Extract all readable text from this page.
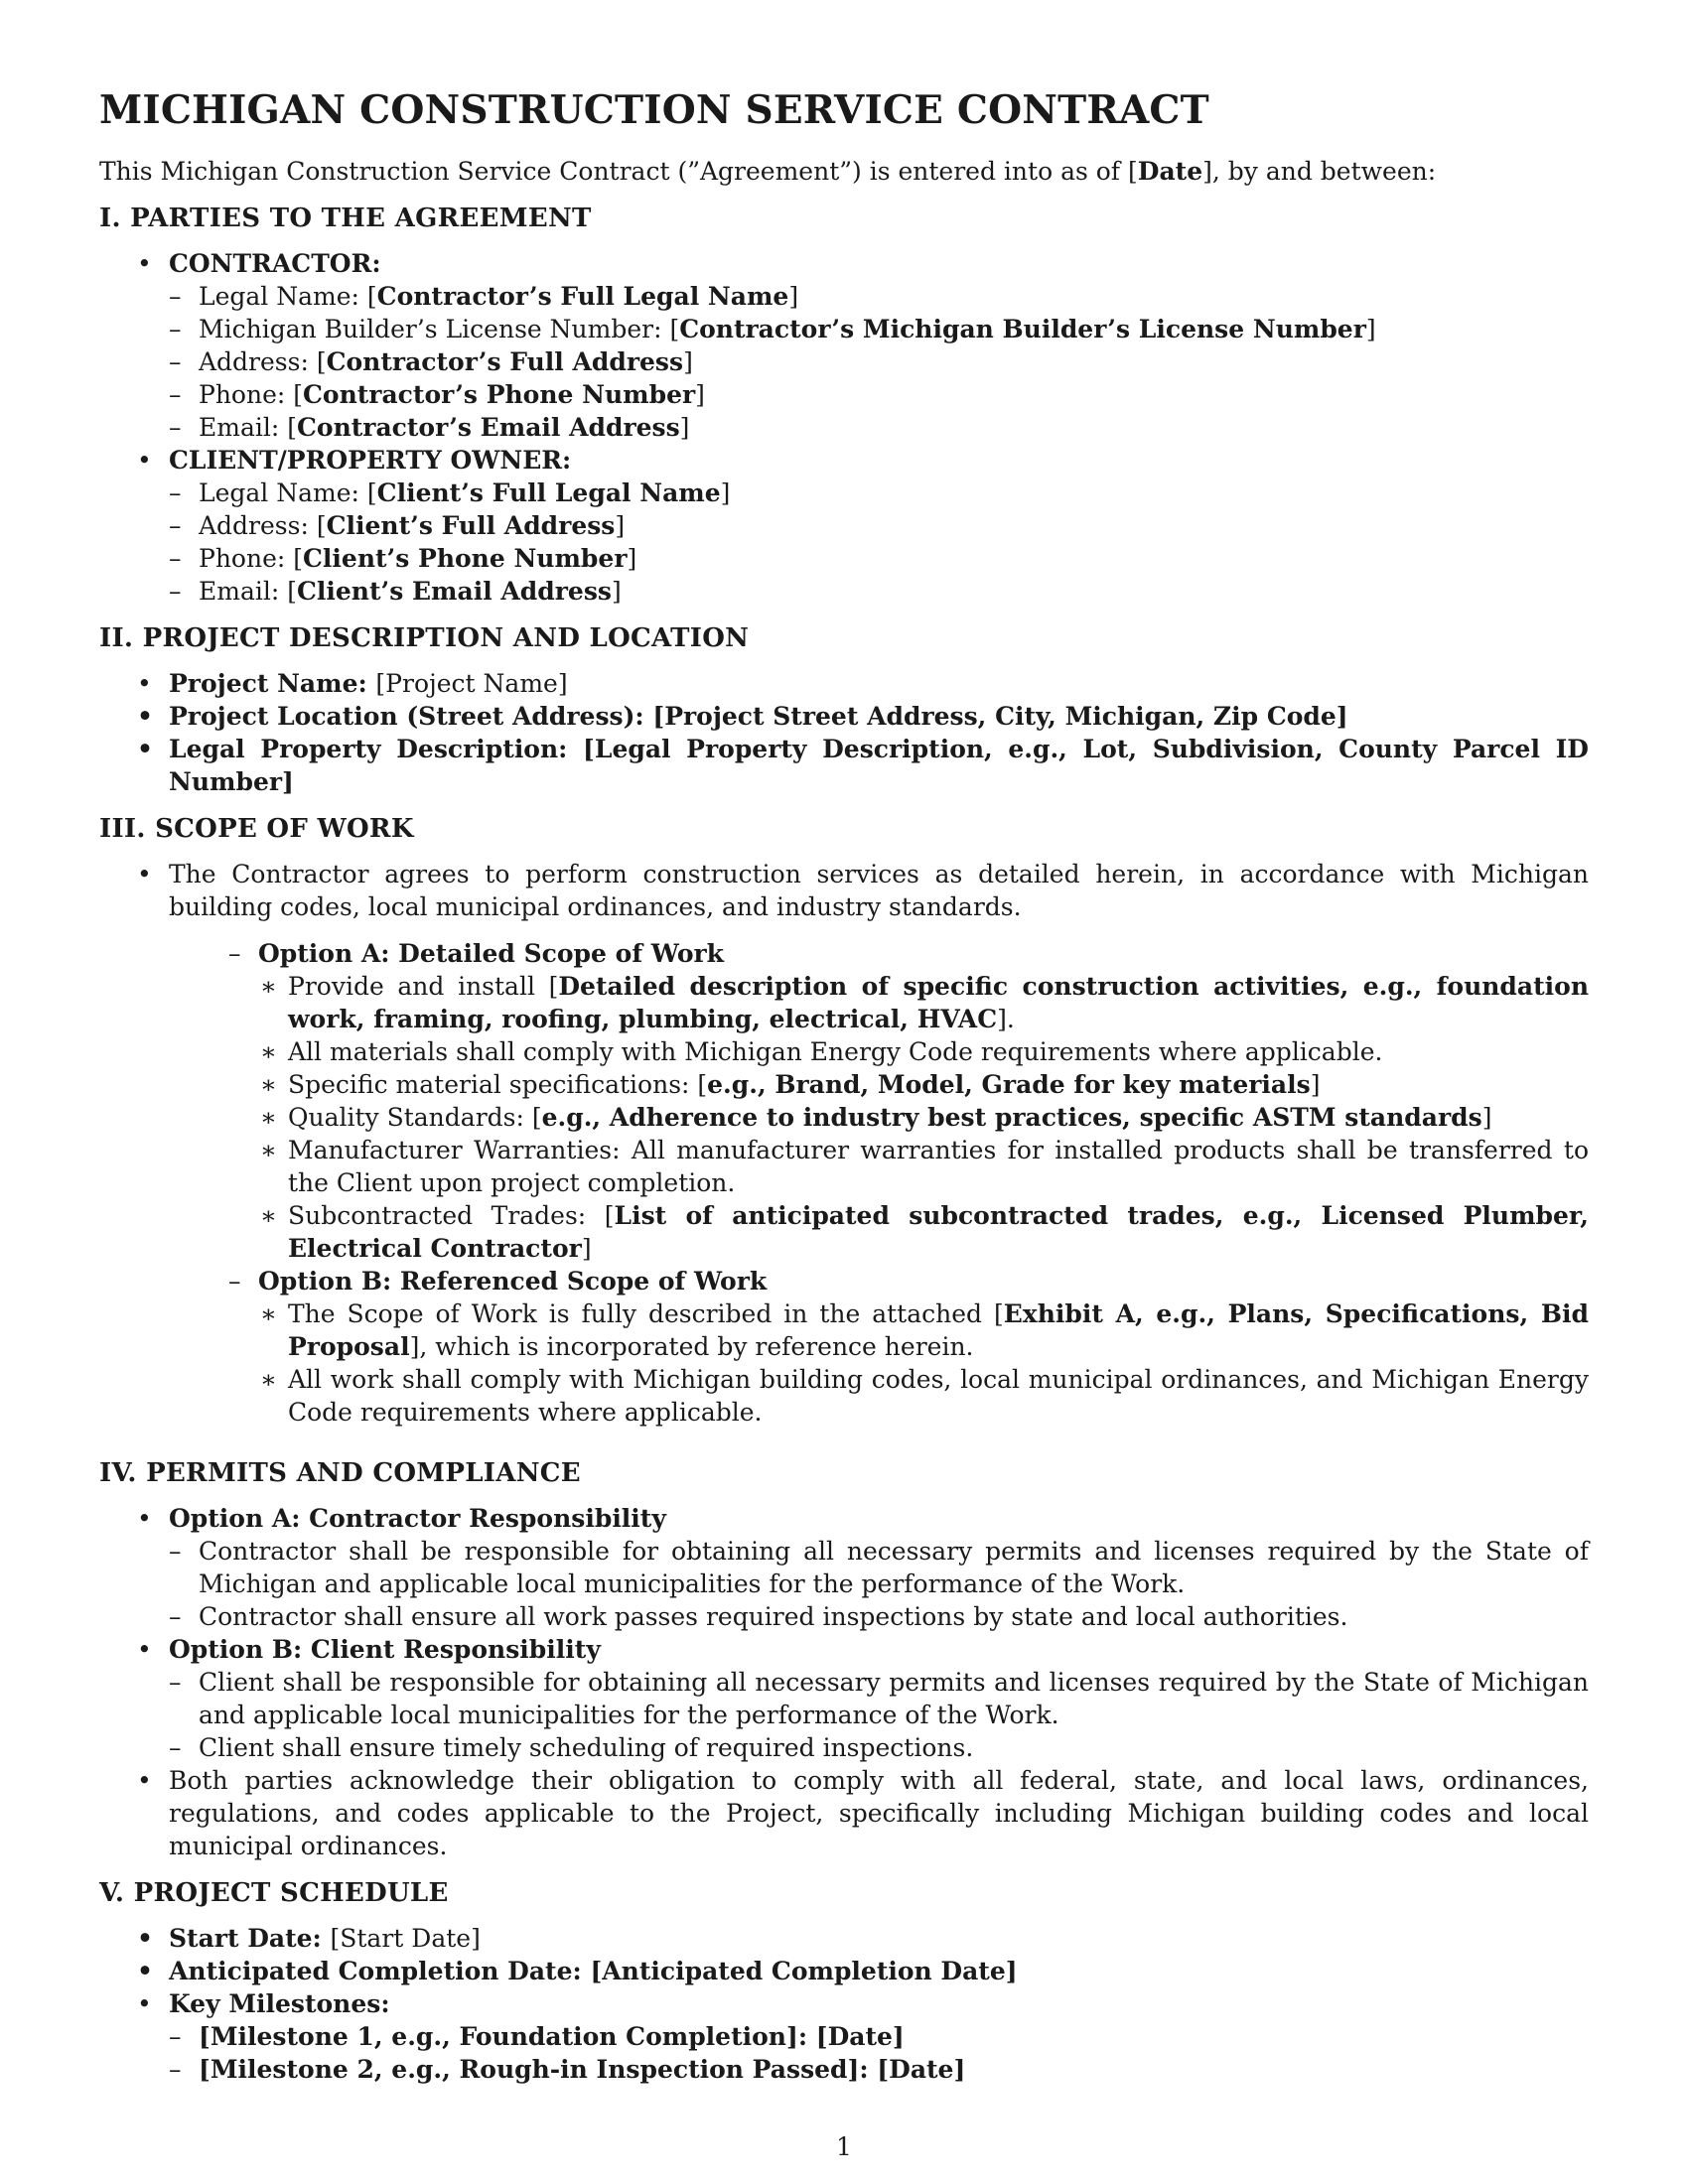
MICHIGAN CONSTRUCTION SERVICE CONTRACT

This Michigan Construction Service Contract (”Agreement”) is entered into as of [Date], by and between:

I. PARTIES TO THE AGREEMENT
• CONTRACTOR:
– Legal Name: [Contractor’s Full Legal Name]
– Michigan Builder’s License Number: [Contractor’s Michigan Builder’s License Number]
– Address: [Contractor’s Full Address]
– Phone: [Contractor’s Phone Number]
– Email: [Contractor’s Email Address]
• CLIENT/PROPERTY OWNER:
– Legal Name: [Client’s Full Legal Name]
– Address: [Client’s Full Address]
– Phone: [Client’s Phone Number]
– Email: [Client’s Email Address]
II. PROJECT DESCRIPTION AND LOCATION
• Project Name: [Project Name]
• Project Location (Street Address): [Project Street Address, City, Michigan, Zip Code]
• Legal Property Description: [Legal Property Description, e.g., Lot, Subdivision, County Parcel ID Number]
III. SCOPE OF WORK
• The Contractor agrees to perform construction services as detailed herein, in accordance with Michigan building codes, local municipal ordinances, and industry standards.
– Option A: Detailed Scope of Work
∗ Provide and install [Detailed description of specific construction activities, e.g., foundation work, framing, roofing, plumbing, electrical, HVAC].
∗ All materials shall comply with Michigan Energy Code requirements where applicable.
∗ Specific material specifications: [e.g., Brand, Model, Grade for key materials]
∗ Quality Standards: [e.g., Adherence to industry best practices, specific ASTM standards]
∗ Manufacturer Warranties: All manufacturer warranties for installed products shall be transferred to the Client upon project completion.
∗ Subcontracted Trades: [List of anticipated subcontracted trades, e.g., Licensed Plumber, Electrical Contractor]
– Option B: Referenced Scope of Work
∗ The Scope of Work is fully described in the attached [Exhibit A, e.g., Plans, Specifications, Bid Proposal], which is incorporated by reference herein.
∗ All work shall comply with Michigan building codes, local municipal ordinances, and Michigan Energy Code requirements where applicable.
IV. PERMITS AND COMPLIANCE
• Option A: Contractor Responsibility
– Contractor shall be responsible for obtaining all necessary permits and licenses required by the State of Michigan and applicable local municipalities for the performance of the Work.
– Contractor shall ensure all work passes required inspections by state and local authorities.
• Option B: Client Responsibility
– Client shall be responsible for obtaining all necessary permits and licenses required by the State of Michigan and applicable local municipalities for the performance of the Work.
– Client shall ensure timely scheduling of required inspections.
• Both parties acknowledge their obligation to comply with all federal, state, and local laws, ordinances, regulations, and codes applicable to the Project, specifically including Michigan building codes and local municipal ordinances.
V. PROJECT SCHEDULE
• Start Date: [Start Date]
• Anticipated Completion Date: [Anticipated Completion Date]
• Key Milestones:
– [Milestone 1, e.g., Foundation Completion]: [Date]
– [Milestone 2, e.g., Rough-in Inspection Passed]: [Date]
1
